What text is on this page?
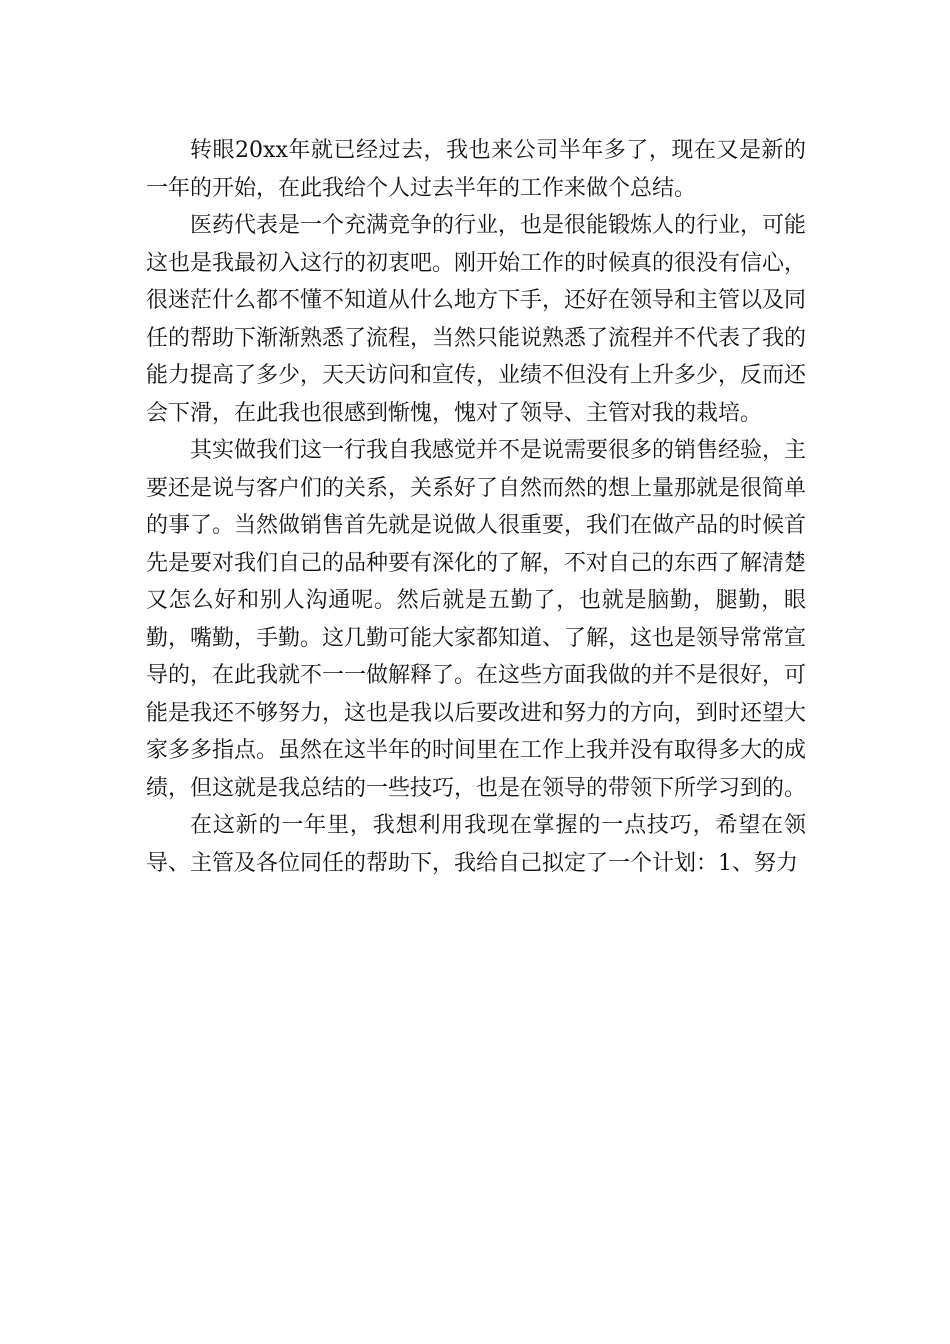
转眼20xx年就已经过去，我也来公司半年多了，现在又是新的一年的开始，在此我给个人过去半年的工作来做个总结。

医药代表是一个充满竞争的行业，也是很能锻炼人的行业，可能这也是我最初入这行的初衷吧。刚开始工作的时候真的很没有信心，很迷茫什么都不懂不知道从什么地方下手，还好在领导和主管以及同任的帮助下渐渐熟悉了流程，当然只能说熟悉了流程并不代表了我的能力提高了多少，天天访问和宣传，业绩不但没有上升多少，反而还会下滑，在此我也很感到惭愧，愧对了领导、主管对我的栽培。

其实做我们这一行我自我感觉并不是说需要很多的销售经验，主要还是说与客户们的关系，关系好了自然而然的想上量那就是很简单的事了。当然做销售首先就是说做人很重要，我们在做产品的时候首先是要对我们自己的品种要有深化的了解，不对自己的东西了解清楚又怎么好和别人沟通呢。然后就是五勤了，也就是脑勤，腿勤，眼勤，嘴勤，手勤。这几勤可能大家都知道、了解，这也是领导常常宣导的，在此我就不一一做解释了。在这些方面我做的并不是很好，可能是我还不够努力，这也是我以后要改进和努力的方向，到时还望大家多多指点。虽然在这半年的时间里在工作上我并没有取得多大的成绩，但这就是我总结的一些技巧，也是在领导的带领下所学习到的。

在这新的一年里，我想利用我现在掌握的一点技巧，希望在领导、主管及各位同任的帮助下，我给自己拟定了一个计划：1、努力
